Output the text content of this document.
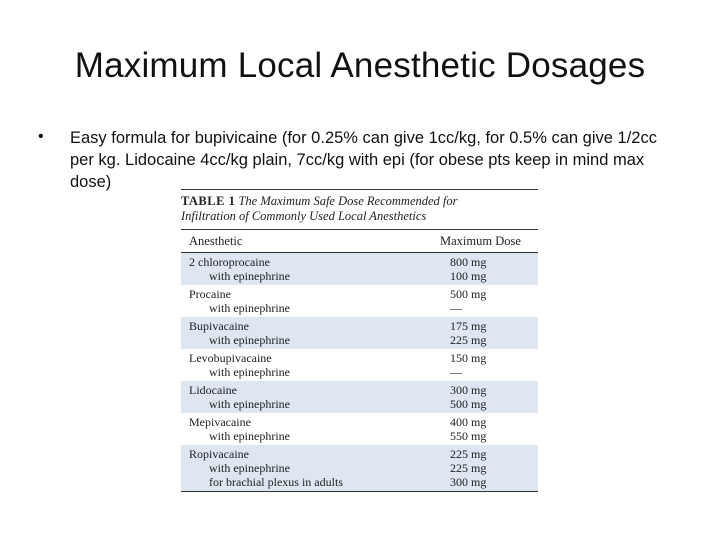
Maximum Local Anesthetic Dosages
• Easy formula for bupivicaine (for 0.25% can give 1cc/kg, for 0.5% can give 1/2cc
per kg. Lidocaine 4cc/kg plain, 7cc/kg with epi (for obese pts keep in mind max
dose)
TABLE 1 The Maximum Safe Dose Recommended for
Infiltration of Commonly Used Local Anesthetics
Anesthetic	Maximum Dose
2 chloroprocaine	800 mg
with epinephrine	100 mg
Procaine	500 mg
with epinephrine	—
Bupivacaine	175 mg
with epinephrine	225 mg
Levobupivacaine	150 mg
with epinephrine	—
Lidocaine	300 mg
with epinephrine	500 mg
Mepivacaine	400 mg
with epinephrine	550 mg
Ropivacaine	225 mg
with epinephrine	225 mg
for brachial plexus in adults	300 mg
